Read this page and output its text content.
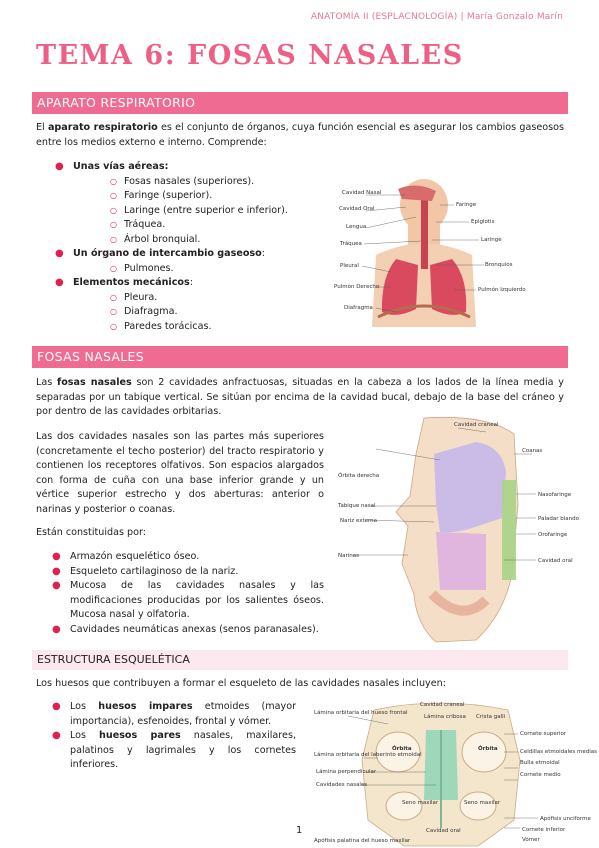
ANATOMÍA II (ESPLACNOLOGÍA) | María Gonzalo Marín
TEMA 6: FOSAS NASALES
APARATO RESPIRATORIO
El aparato respiratorio es el conjunto de órganos, cuya función esencial es asegurar los cambios gaseosos entre los medios externo e interno. Comprende:
● Unas vías aéreas:
○ Fosas nasales (superiores).
○ Faringe (superior).
○ Laringe (entre superior e inferior).
○ Tráquea.
○ Árbol bronquial.
● Un órgano de intercambio gaseoso:
○ Pulmones.
● Elementos mecánicos:
○ Pleura.
○ Diafragma.
○ Paredes torácicas.
Cavidad Nasal
Cavidad Oral
Lengua
Tráquea
Pleural
Pulmón Derecho
Diafragma
Faringe
Epiglotis
Laringe
Bronquios
Pulmón Izquierdo
FOSAS NASALES
Las fosas nasales son 2 cavidades anfractuosas, situadas en la cabeza a los lados de la línea media y separadas por un tabique vertical. Se sitúan por encima de la cavidad bucal, debajo de la base del cráneo y por dentro de las cavidades orbitarias.
Las dos cavidades nasales son las partes más superiores (concretamente el techo posterior) del tracto respiratorio y contienen los receptores olfativos. Son espacios alargados con forma de cuña con una base inferior grande y un vértice superior estrecho y dos aberturas: anterior o narinas y posterior o coanas.
Están constituidas por:
● Armazón esquelético óseo.
● Esqueleto cartilaginoso de la nariz.
● Mucosa de las cavidades nasales y las modificaciones producidas por los salientes óseos. Mucosa nasal y olfatoria.
● Cavidades neumáticas anexas (senos paranasales).
Cavidad craneal
Coanas
Órbita derecha
Tabique nasal
Nariz externa
Narinas
Nasofaringe
Paladar blando
Orofaringe
Cavidad oral
ESTRUCTURA ESQUELÉTICA
Los huesos que contribuyen a formar el esqueleto de las cavidades nasales incluyen:
● Los huesos impares etmoides (mayor importancia), esfenoides, frontal y vómer.
● Los huesos pares nasales, maxilares, palatinos y lagrimales y los cornetes inferiores.
Cavidad craneal
Lámina orbitaria del hueso frontal
Lámina cribosa Crista galli
Órbita	Órbita
Lámina orbitaria del laberinto etmoidal
Lámina perpendicular
Cornete superior
Celdillas etmoidales medias
Bulla etmoidal
Cornete medio
Cavidades nasales
Seno maxilar	Seno maxilar
Apófisis unciforme
Cavidad oral	Cornete inferior
Vómer
Apófisis palatina del hueso maxilar
1
